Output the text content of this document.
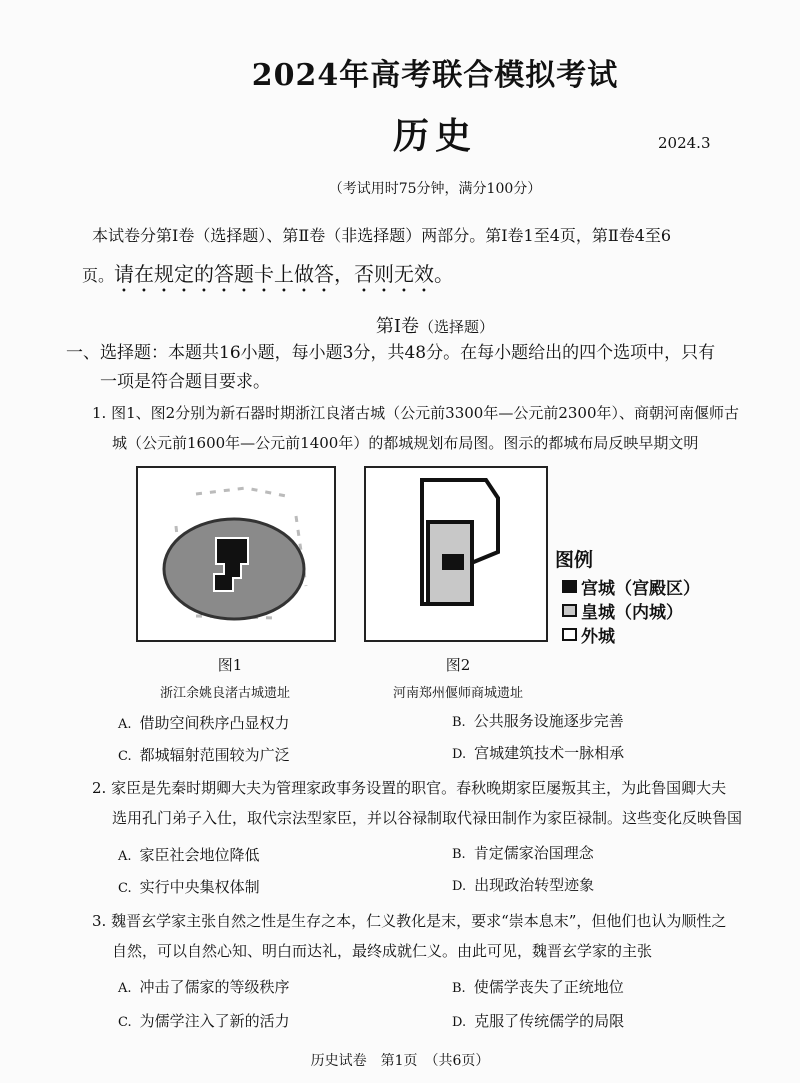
2024年高考联合模拟考试
历史	2024.3
（考试用时75分钟，满分100分）
本试卷分第Ⅰ卷（选择题）、第Ⅱ卷（非选择题）两部分。第Ⅰ卷1至4页，第Ⅱ卷4至6
页。请在规定的答题卡上做答，否则无效。
第Ⅰ卷（选择题）
一、选择题：本题共16小题，每小题3分，共48分。在每小题给出的四个选项中，只有
一项是符合题目要求。
1. 图1、图2分别为新石器时期浙江良渚古城（公元前3300年—公元前2300年）、商朝河南偃师古
城（公元前1600年—公元前1400年）的都城规划布局图。图示的都城布局反映早期文明
图例
宫城（宫殿区）
皇城（内城）
外城
图1	图2
浙江余姚良渚古城遗址	河南郑州偃师商城遗址
A. 借助空间秩序凸显权力	B. 公共服务设施逐步完善
C. 都城辐射范围较为广泛	D. 宫城建筑技术一脉相承
2. 家臣是先秦时期卿大夫为管理家政事务设置的职官。春秋晚期家臣屡叛其主，为此鲁国卿大夫
选用孔门弟子入仕，取代宗法型家臣，并以谷禄制取代禄田制作为家臣禄制。这些变化反映鲁国
A. 家臣社会地位降低	B. 肯定儒家治国理念
C. 实行中央集权体制	D. 出现政治转型迹象
3. 魏晋玄学家主张自然之性是生存之本，仁义教化是末，要求“崇本息末”，但他们也认为顺性之
自然，可以自然心知、明白而达礼，最终成就仁义。由此可见，魏晋玄学家的主张
A. 冲击了儒家的等级秩序	B. 使儒学丧失了正统地位
C. 为儒学注入了新的活力	D. 克服了传统儒学的局限
历史试卷　第1页　（共6页）
